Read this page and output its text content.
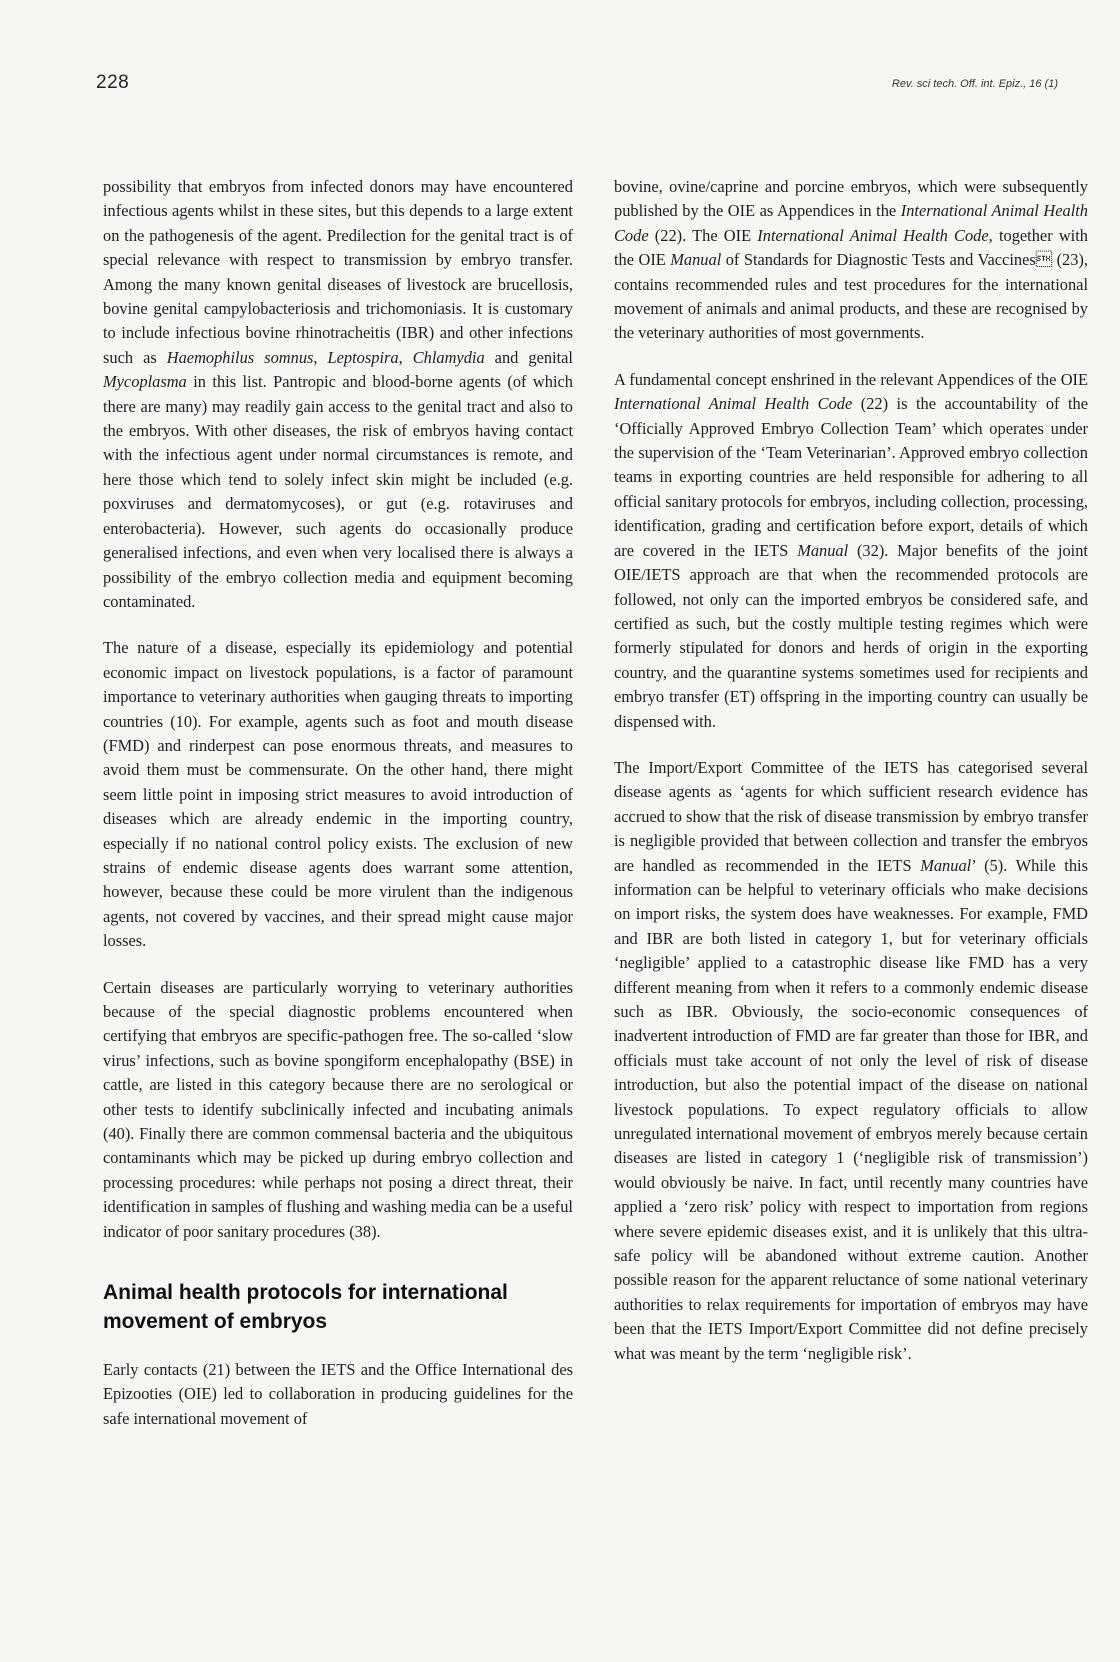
228	Rev. sci tech. Off. int. Epiz., 16 (1)

possibility that embryos from infected donors may have encountered infectious agents whilst in these sites, but this depends to a large extent on the pathogenesis of the agent. Predilection for the genital tract is of special relevance with respect to transmission by embryo transfer. Among the many known genital diseases of livestock are brucellosis, bovine genital campylobacteriosis and trichomoniasis. It is customary to include infectious bovine rhinotracheitis (IBR) and other infections such as Haemophilus somnus, Leptospira, Chlamydia and genital Mycoplasma in this list. Pantropic and blood-borne agents (of which there are many) may readily gain access to the genital tract and also to the embryos. With other diseases, the risk of embryos having contact with the infectious agent under normal circumstances is remote, and here those which tend to solely infect skin might be included (e.g. poxviruses and dermatomycoses), or gut (e.g. rotaviruses and enterobacteria). However, such agents do occasionally produce generalised infections, and even when very localised there is always a possibility of the embryo collection media and equipment becoming contaminated.

The nature of a disease, especially its epidemiology and potential economic impact on livestock populations, is a factor of paramount importance to veterinary authorities when gauging threats to importing countries (10). For example, agents such as foot and mouth disease (FMD) and rinderpest can pose enormous threats, and measures to avoid them must be commensurate. On the other hand, there might seem little point in imposing strict measures to avoid introduction of diseases which are already endemic in the importing country, especially if no national control policy exists. The exclusion of new strains of endemic disease agents does warrant some attention, however, because these could be more virulent than the indigenous agents, not covered by vaccines, and their spread might cause major losses.

Certain diseases are particularly worrying to veterinary authorities because of the special diagnostic problems encountered when certifying that embryos are specific-pathogen free. The so-called ‘slow virus’ infections, such as bovine spongiform encephalopathy (BSE) in cattle, are listed in this category because there are no serological or other tests to identify subclinically infected and incubating animals (40). Finally there are common commensal bacteria and the ubiquitous contaminants which may be picked up during embryo collection and processing procedures: while perhaps not posing a direct threat, their identification in samples of flushing and washing media can be a useful indicator of poor sanitary procedures (38).

Animal health protocols for international movement of embryos

Early contacts (21) between the IETS and the Office International des Epizooties (OIE) led to collaboration in producing guidelines for the safe international movement of

bovine, ovine/caprine and porcine embryos, which were subsequently published by the OIE as Appendices in the International Animal Health Code (22). The OIE International Animal Health Code, together with the OIE Manual of Standards for Diagnostic Tests and Vaccines (23), contains recommended rules and test procedures for the international movement of animals and animal products, and these are recognised by the veterinary authorities of most governments.

A fundamental concept enshrined in the relevant Appendices of the OIE International Animal Health Code (22) is the accountability of the ‘Officially Approved Embryo Collection Team’ which operates under the supervision of the ‘Team Veterinarian’. Approved embryo collection teams in exporting countries are held responsible for adhering to all official sanitary protocols for embryos, including collection, processing, identification, grading and certification before export, details of which are covered in the IETS Manual (32). Major benefits of the joint OIE/IETS approach are that when the recommended protocols are followed, not only can the imported embryos be considered safe, and certified as such, but the costly multiple testing regimes which were formerly stipulated for donors and herds of origin in the exporting country, and the quarantine systems sometimes used for recipients and embryo transfer (ET) offspring in the importing country can usually be dispensed with.

The Import/Export Committee of the IETS has categorised several disease agents as ‘agents for which sufficient research evidence has accrued to show that the risk of disease transmission by embryo transfer is negligible provided that between collection and transfer the embryos are handled as recommended in the IETS Manual’ (5). While this information can be helpful to veterinary officials who make decisions on import risks, the system does have weaknesses. For example, FMD and IBR are both listed in category 1, but for veterinary officials ‘negligible’ applied to a catastrophic disease like FMD has a very different meaning from when it refers to a commonly endemic disease such as IBR. Obviously, the socio-economic consequences of inadvertent introduction of FMD are far greater than those for IBR, and officials must take account of not only the level of risk of disease introduction, but also the potential impact of the disease on national livestock populations. To expect regulatory officials to allow unregulated international movement of embryos merely because certain diseases are listed in category 1 (‘negligible risk of transmission’) would obviously be naive. In fact, until recently many countries have applied a ‘zero risk’ policy with respect to importation from regions where severe epidemic diseases exist, and it is unlikely that this ultra-safe policy will be abandoned without extreme caution. Another possible reason for the apparent reluctance of some national veterinary authorities to relax requirements for importation of embryos may have been that the IETS Import/Export Committee did not define precisely what was meant by the term ‘negligible risk’.
